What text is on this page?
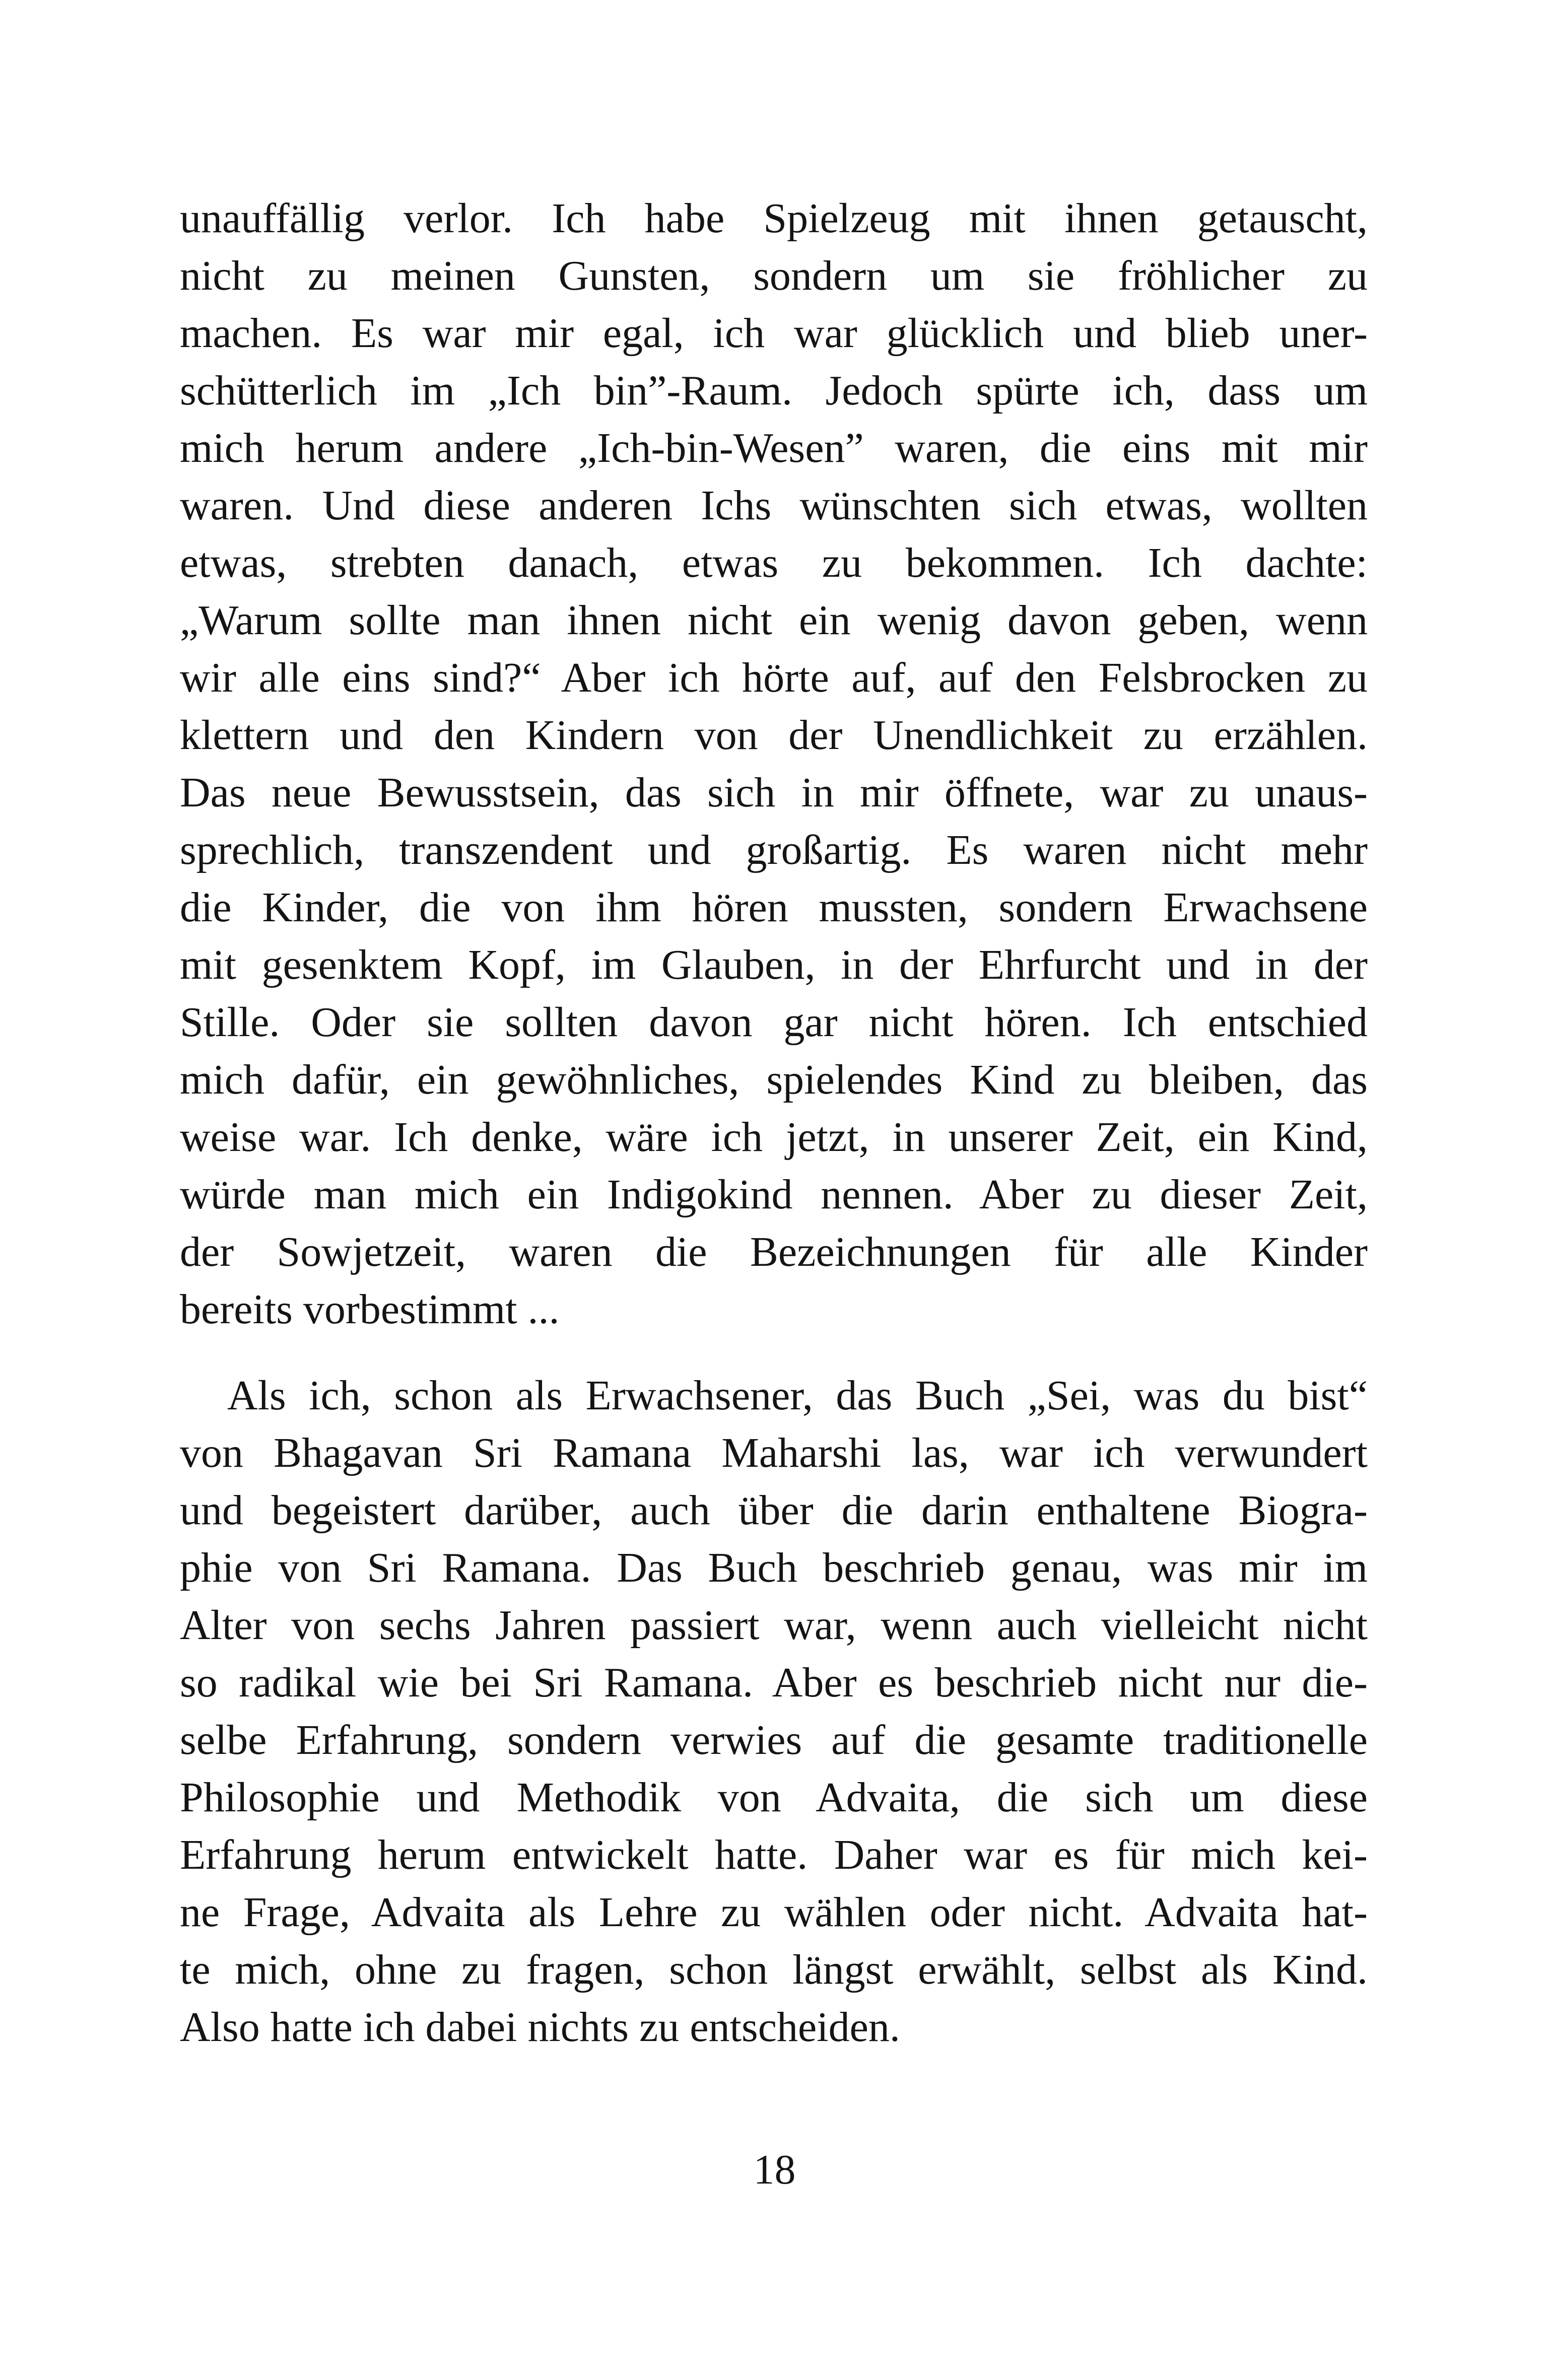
unauffällig verlor. Ich habe Spielzeug mit ihnen getauscht,
nicht zu meinen Gunsten, sondern um sie fröhlicher zu
machen. Es war mir egal, ich war glücklich und blieb uner-
schütterlich im „Ich bin”-Raum. Jedoch spürte ich, dass um
mich herum andere „Ich-bin-Wesen” waren, die eins mit mir
waren. Und diese anderen Ichs wünschten sich etwas, wollten
etwas, strebten danach, etwas zu bekommen. Ich dachte:
„Warum sollte man ihnen nicht ein wenig davon geben, wenn
wir alle eins sind?“ Aber ich hörte auf, auf den Felsbrocken zu
klettern und den Kindern von der Unendlichkeit zu erzählen.
Das neue Bewusstsein, das sich in mir öffnete, war zu unaus-
sprechlich, transzendent und großartig. Es waren nicht mehr
die Kinder, die von ihm hören mussten, sondern Erwachsene
mit gesenktem Kopf, im Glauben, in der Ehrfurcht und in der
Stille. Oder sie sollten davon gar nicht hören. Ich entschied
mich dafür, ein gewöhnliches, spielendes Kind zu bleiben, das
weise war. Ich denke, wäre ich jetzt, in unserer Zeit, ein Kind,
würde man mich ein Indigokind nennen. Aber zu dieser Zeit,
der Sowjetzeit, waren die Bezeichnungen für alle Kinder
bereits vorbestimmt ...
Als ich, schon als Erwachsener, das Buch „Sei, was du bist“
von Bhagavan Sri Ramana Maharshi las, war ich verwundert
und begeistert darüber, auch über die darin enthaltene Biogra-
phie von Sri Ramana. Das Buch beschrieb genau, was mir im
Alter von sechs Jahren passiert war, wenn auch vielleicht nicht
so radikal wie bei Sri Ramana. Aber es beschrieb nicht nur die-
selbe Erfahrung, sondern verwies auf die gesamte traditionelle
Philosophie und Methodik von Advaita, die sich um diese
Erfahrung herum entwickelt hatte. Daher war es für mich kei-
ne Frage, Advaita als Lehre zu wählen oder nicht. Advaita hat-
te mich, ohne zu fragen, schon längst erwählt, selbst als Kind.
Also hatte ich dabei nichts zu entscheiden.
18
